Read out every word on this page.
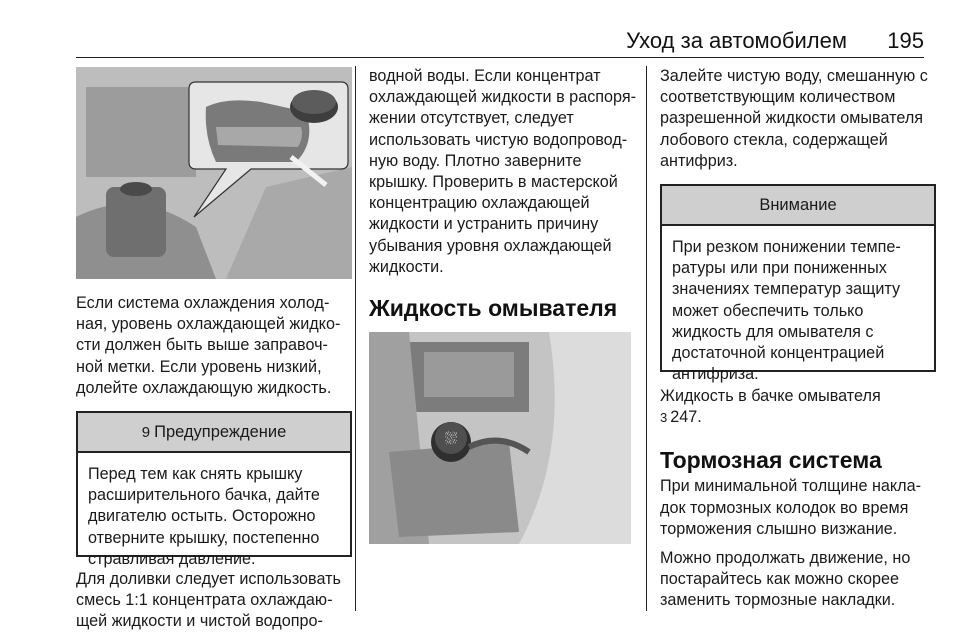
Уход за автомобилем 195

Если система охлаждения холод-

ная, уровень охлаждающей жидко-

сти должен быть выше заправоч-

ной метки. Если уровень низкий,

долейте охлаждающую жидкость.

9 Предупреждение

Перед тем как снять крышку

расширительного бачка, дайте

двигателю остыть. Осторожно

отверните крышку, постепенно

стравливая давление.

Для доливки следует использовать

смесь 1:1 концентрата охлаждаю-

щей жидкости и чистой водопро-

водной воды. Если концентрат

охлаждающей жидкости в распоря-

жении отсутствует, следует

использовать чистую водопровод-

ную воду. Плотно заверните

крышку. Проверить в мастерской

концентрацию охлаждающей

жидкости и устранить причину

убывания уровня охлаждающей

жидкости.

Жидкость омывателя
⛆

Залейте чистую воду, смешанную с

соответствующим количеством

разрешенной жидкости омывателя

лобового стекла, содержащей

антифриз.

Внимание

При резком понижении темпе-

ратуры или при пониженных

значениях температур защиту

может обеспечить только

жидкость для омывателя с

достаточной концентрацией

антифриза.

Жидкость в бачке омывателя

3 247.

Тормозная система

При минимальной толщине накла-

док тормозных колодок во время

торможения слышно визжание.

Можно продолжать движение, но

постарайтесь как можно скорее

заменить тормозные накладки.
